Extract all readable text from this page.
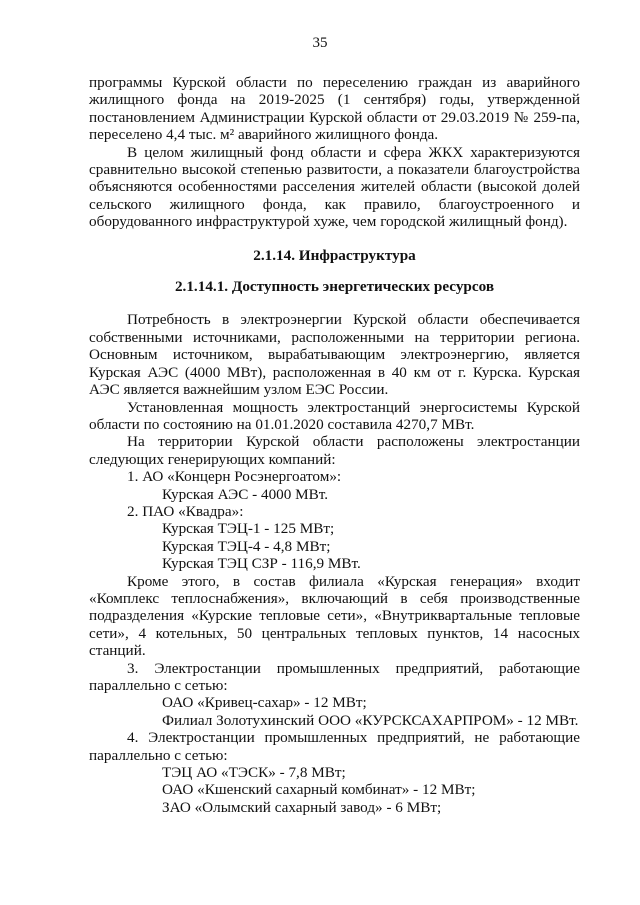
35

программы Курской области по переселению граждан из аварийного жилищного фонда на 2019-2025 (1 сентября) годы, утвержденной постановлением Администрации Курской области от 29.03.2019 № 259-па, переселено 4,4 тыс. м² аварийного жилищного фонда.

В целом жилищный фонд области и сфера ЖКХ характеризуются сравнительно высокой степенью развитости, а показатели благоустройства объясняются особенностями расселения жителей области (высокой долей сельского жилищного фонда, как правило, благоустроенного и оборудованного инфраструктурой хуже, чем городской жилищный фонд).

2.1.14. Инфраструктура

2.1.14.1. Доступность энергетических ресурсов

Потребность в электроэнергии Курской области обеспечивается собственными источниками, расположенными на территории региона. Основным источником, вырабатывающим электроэнергию, является Курская АЭС (4000 МВт), расположенная в 40 км от г. Курска. Курская АЭС является важнейшим узлом ЕЭС России.

Установленная мощность электростанций энергосистемы Курской области по состоянию на 01.01.2020 составила 4270,7 МВт.

На территории Курской области расположены электростанции следующих генерирующих компаний:

1. АО «Концерн Росэнергоатом»:

Курская АЭС - 4000 МВт.

2. ПАО «Квадра»:

Курская ТЭЦ-1 - 125 МВт;

Курская ТЭЦ-4 - 4,8 МВт;

Курская ТЭЦ СЗР - 116,9 МВт.

Кроме этого, в состав филиала «Курская генерация» входит «Комплекс теплоснабжения», включающий в себя производственные подразделения «Курские тепловые сети», «Внутриквартальные тепловые сети», 4 котельных, 50 центральных тепловых пунктов, 14 насосных станций.

3. Электростанции промышленных предприятий, работающие параллельно с сетью:

ОАО «Кривец-сахар» - 12 МВт;

Филиал Золотухинский ООО «КУРСКСАХАРПРОМ» - 12 МВт.

4. Электростанции промышленных предприятий, не работающие параллельно с сетью:

ТЭЦ АО «ТЭСК» - 7,8 МВт;

ОАО «Кшенский сахарный комбинат» - 12 МВт;

ЗАО «Олымский сахарный завод» - 6 МВт;
